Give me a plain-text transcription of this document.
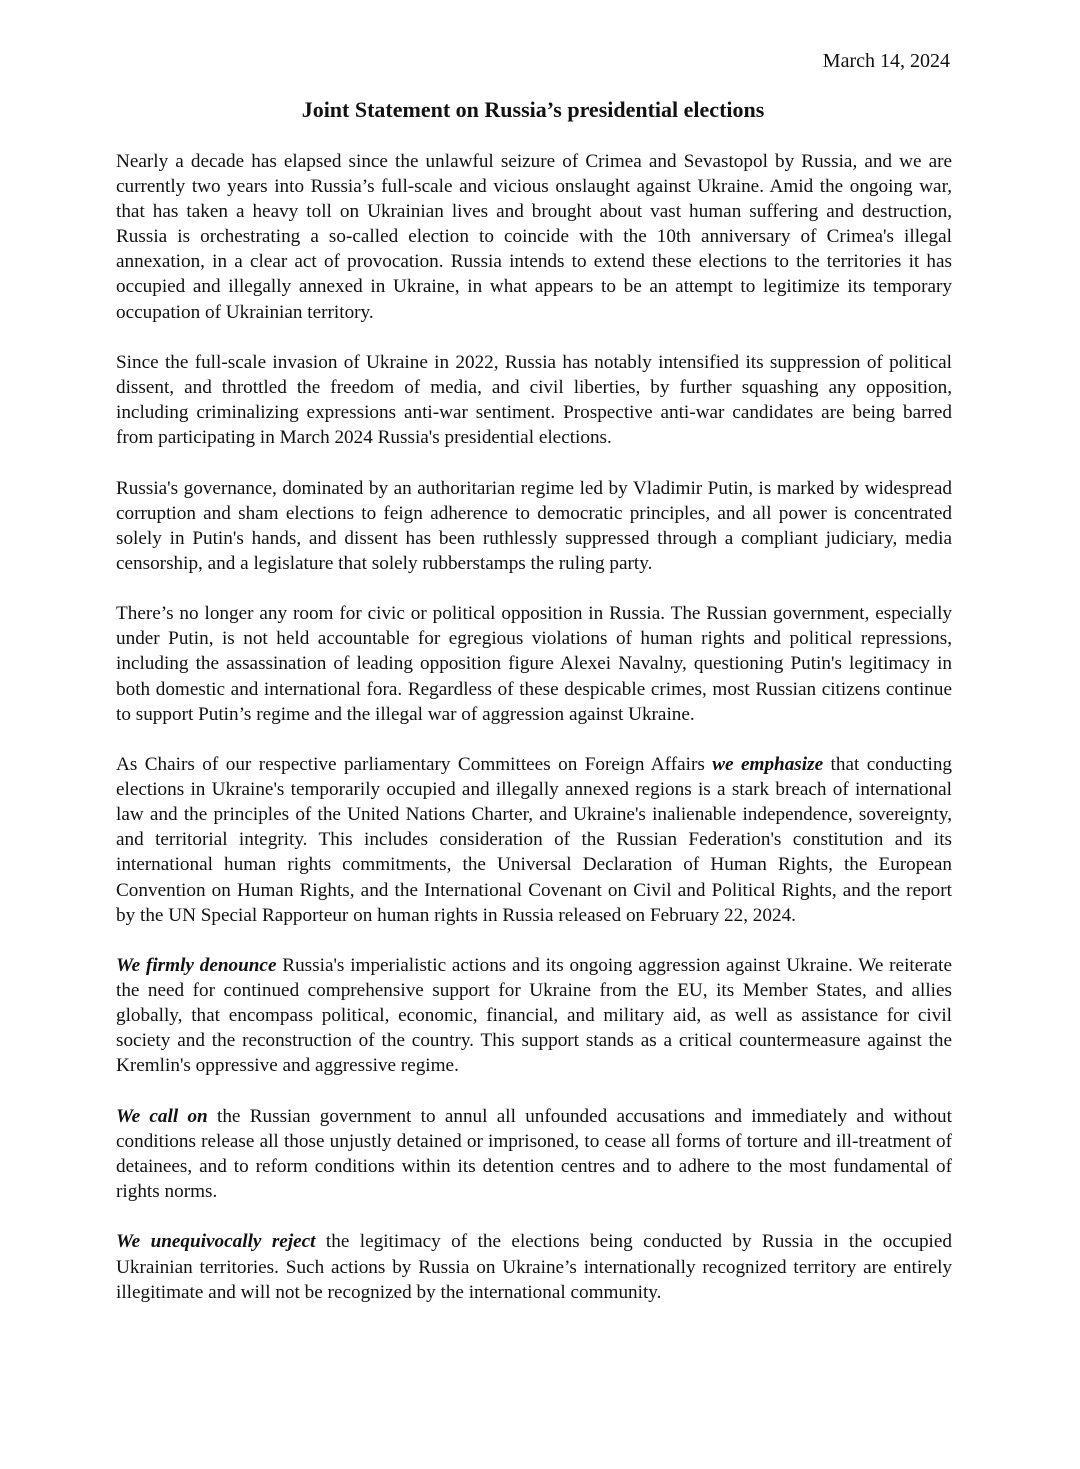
March 14, 2024
Joint Statement on Russia’s presidential elections

Nearly a decade has elapsed since the unlawful seizure of Crimea and Sevastopol by Russia, and we are currently two years into Russia’s full-scale and vicious onslaught against Ukraine. Amid the ongoing war, that has taken a heavy toll on Ukrainian lives and brought about vast human suffering and destruction, Russia is orchestrating a so-called election to coincide with the 10th anniversary of Crimea's illegal annexation, in a clear act of provocation. Russia intends to extend these elections to the territories it has occupied and illegally annexed in Ukraine, in what appears to be an attempt to legitimize its temporary occupation of Ukrainian territory.

Since the full-scale invasion of Ukraine in 2022, Russia has notably intensified its suppression of political dissent, and throttled the freedom of media, and civil liberties, by further squashing any opposition, including criminalizing expressions anti-war sentiment. Prospective anti-war candidates are being barred from participating in March 2024 Russia's presidential elections.

Russia's governance, dominated by an authoritarian regime led by Vladimir Putin, is marked by widespread corruption and sham elections to feign adherence to democratic principles, and all power is concentrated solely in Putin's hands, and dissent has been ruthlessly suppressed through a compliant judiciary, media censorship, and a legislature that solely rubberstamps the ruling party.

There’s no longer any room for civic or political opposition in Russia. The Russian government, especially under Putin, is not held accountable for egregious violations of human rights and political repressions, including the assassination of leading opposition figure Alexei Navalny, questioning Putin's legitimacy in both domestic and international fora. Regardless of these despicable crimes, most Russian citizens continue to support Putin’s regime and the illegal war of aggression against Ukraine.

As Chairs of our respective parliamentary Committees on Foreign Affairs we emphasize that conducting elections in Ukraine's temporarily occupied and illegally annexed regions is a stark breach of international law and the principles of the United Nations Charter, and Ukraine's inalienable independence, sovereignty, and territorial integrity. This includes consideration of the Russian Federation's constitution and its international human rights commitments, the Universal Declaration of Human Rights, the European Convention on Human Rights, and the International Covenant on Civil and Political Rights, and the report by the UN Special Rapporteur on human rights in Russia released on February 22, 2024.

We firmly denounce Russia's imperialistic actions and its ongoing aggression against Ukraine. We reiterate the need for continued comprehensive support for Ukraine from the EU, its Member States, and allies globally, that encompass political, economic, financial, and military aid, as well as assistance for civil society and the reconstruction of the country. This support stands as a critical countermeasure against the Kremlin's oppressive and aggressive regime.

We call on the Russian government to annul all unfounded accusations and immediately and without conditions release all those unjustly detained or imprisoned, to cease all forms of torture and ill-treatment of detainees, and to reform conditions within its detention centres and to adhere to the most fundamental of rights norms.

We unequivocally reject the legitimacy of the elections being conducted by Russia in the occupied Ukrainian territories. Such actions by Russia on Ukraine’s internationally recognized territory are entirely illegitimate and will not be recognized by the international community.
